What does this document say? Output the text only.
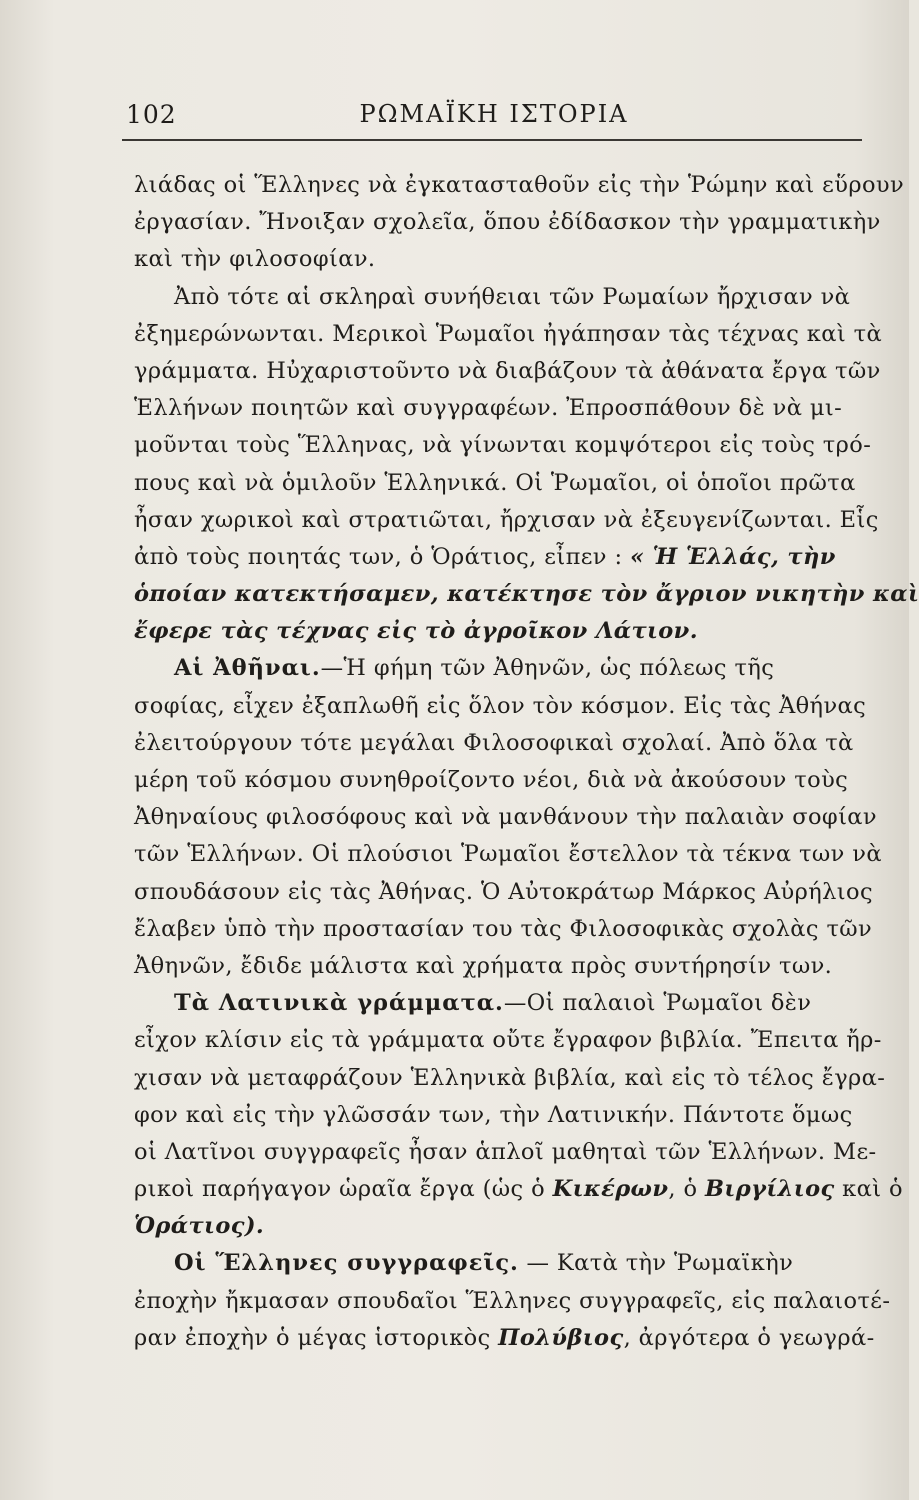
102	ΡΩΜΑΪΚΗ ΙΣΤΟΡΙΑ
λιάδας οἱ Ἕλληνες νὰ ἐγκατασταθοῦν εἰς τὴν Ῥώμην καὶ εὕρουν
ἐργασίαν. Ἤνοιξαν σχολεῖα, ὅπου ἐδίδασκον τὴν γραμματικὴν
καὶ τὴν φιλοσοφίαν.
Ἀπὸ τότε αἱ σκληραὶ συνήθειαι τῶν Ρωμαίων ἤρχισαν νὰ
ἐξημερώνωνται. Μερικοὶ Ῥωμαῖοι ἠγάπησαν τὰς τέχνας καὶ τὰ
γράμματα. Ηὐχαριστοῦντο νὰ διαβάζουν τὰ ἀθάνατα ἔργα τῶν
Ἑλλήνων ποιητῶν καὶ συγγραφέων. Ἐπροσπάθουν δὲ νὰ μι-
μοῦνται τοὺς Ἕλληνας, νὰ γίνωνται κομψότεροι εἰς τοὺς τρό-
πους καὶ νὰ ὁμιλοῦν Ἑλληνικά. Οἱ Ῥωμαῖοι, οἱ ὁποῖοι πρῶτα
ἦσαν χωρικοὶ καὶ στρατιῶται, ἤρχισαν νὰ ἐξευγενίζωνται. Εἷς
ἀπὸ τοὺς ποιητάς των, ὁ Ὁράτιος, εἶπεν : « Ἡ Ἑλλάς, τὴν
ὁποίαν κατεκτήσαμεν, κατέκτησε τὸν ἄγριον νικητὴν καὶ
ἔφερε τὰς τέχνας εἰς τὸ ἀγροῖκον Λάτιον.
Αἱ Ἀθῆναι.—Ἡ φήμη τῶν Ἀθηνῶν, ὡς πόλεως τῆς
σοφίας, εἶχεν ἐξαπλωθῆ εἰς ὅλον τὸν κόσμον. Εἰς τὰς Ἀθήνας
ἐλειτούργουν τότε μεγάλαι Φιλοσοφικαὶ σχολαί. Ἀπὸ ὅλα τὰ
μέρη τοῦ κόσμου συνηθροίζοντο νέοι, διὰ νὰ ἀκούσουν τοὺς
Ἀθηναίους φιλοσόφους καὶ νὰ μανθάνουν τὴν παλαιὰν σοφίαν
τῶν Ἑλλήνων. Οἱ πλούσιοι Ῥωμαῖοι ἔστελλον τὰ τέκνα των νὰ
σπουδάσουν εἰς τὰς Ἀθήνας. Ὁ Αὐτοκράτωρ Μάρκος Αὐρήλιος
ἔλαβεν ὑπὸ τὴν προστασίαν του τὰς Φιλοσοφικὰς σχολὰς τῶν
Ἀθηνῶν, ἔδιδε μάλιστα καὶ χρήματα πρὸς συντήρησίν των.
Τὰ Λατινικὰ γράμματα.—Οἱ παλαιοὶ Ῥωμαῖοι δὲν
εἶχον κλίσιν εἰς τὰ γράμματα οὔτε ἔγραφον βιβλία. Ἔπειτα ἤρ-
χισαν νὰ μεταφράζουν Ἑλληνικὰ βιβλία, καὶ εἰς τὸ τέλος ἔγρα-
φον καὶ εἰς τὴν γλῶσσάν των, τὴν Λατινικήν. Πάντοτε ὅμως
οἱ Λατῖνοι συγγραφεῖς ἦσαν ἁπλοῖ μαθηταὶ τῶν Ἑλλήνων. Με-
ρικοὶ παρήγαγον ὡραῖα ἔργα (ὡς ὁ Κικέρων, ὁ Βιργίλιος καὶ ὁ
Ὁράτιος).
Οἱ Ἕλληνες συγγραφεῖς. — Κατὰ τὴν Ῥωμαϊκὴν
ἐποχὴν ἤκμασαν σπουδαῖοι Ἕλληνες συγγραφεῖς, εἰς παλαιοτέ-
ραν ἐποχὴν ὁ μέγας ἱστορικὸς Πολύβιος, ἀργότερα ὁ γεωγρά-
